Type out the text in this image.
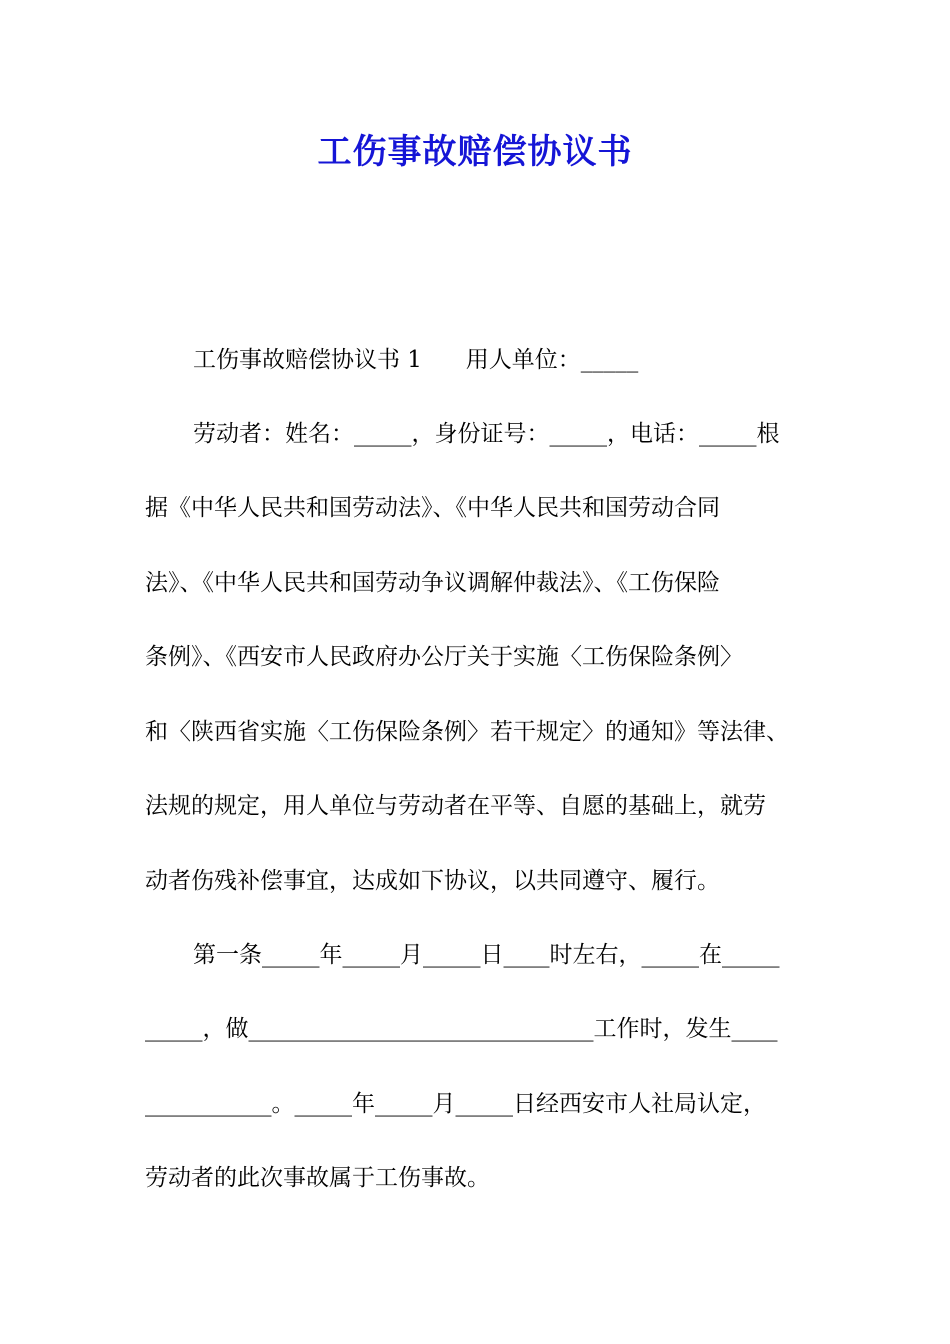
工伤事故赔偿协议书

工伤事故赔偿协议书 1      用人单位：_____

劳动者：姓名：_____，身份证号：_____，电话：_____根

据《中华人民共和国劳动法》、《中华人民共和国劳动合同

法》、《中华人民共和国劳动争议调解仲裁法》、《工伤保险

条例》、《西安市人民政府办公厅关于实施〈工伤保险条例〉

和〈陕西省实施〈工伤保险条例〉若干规定〉的通知》等法律、

法规的规定，用人单位与劳动者在平等、自愿的基础上，就劳

动者伤残补偿事宜，达成如下协议，以共同遵守、履行。

第一条_____年_____月_____日____时左右，_____在_____

_____，做______________________________工作时，发生____

___________。_____年_____月_____日经西安市人社局认定，

劳动者的此次事故属于工伤事故。
